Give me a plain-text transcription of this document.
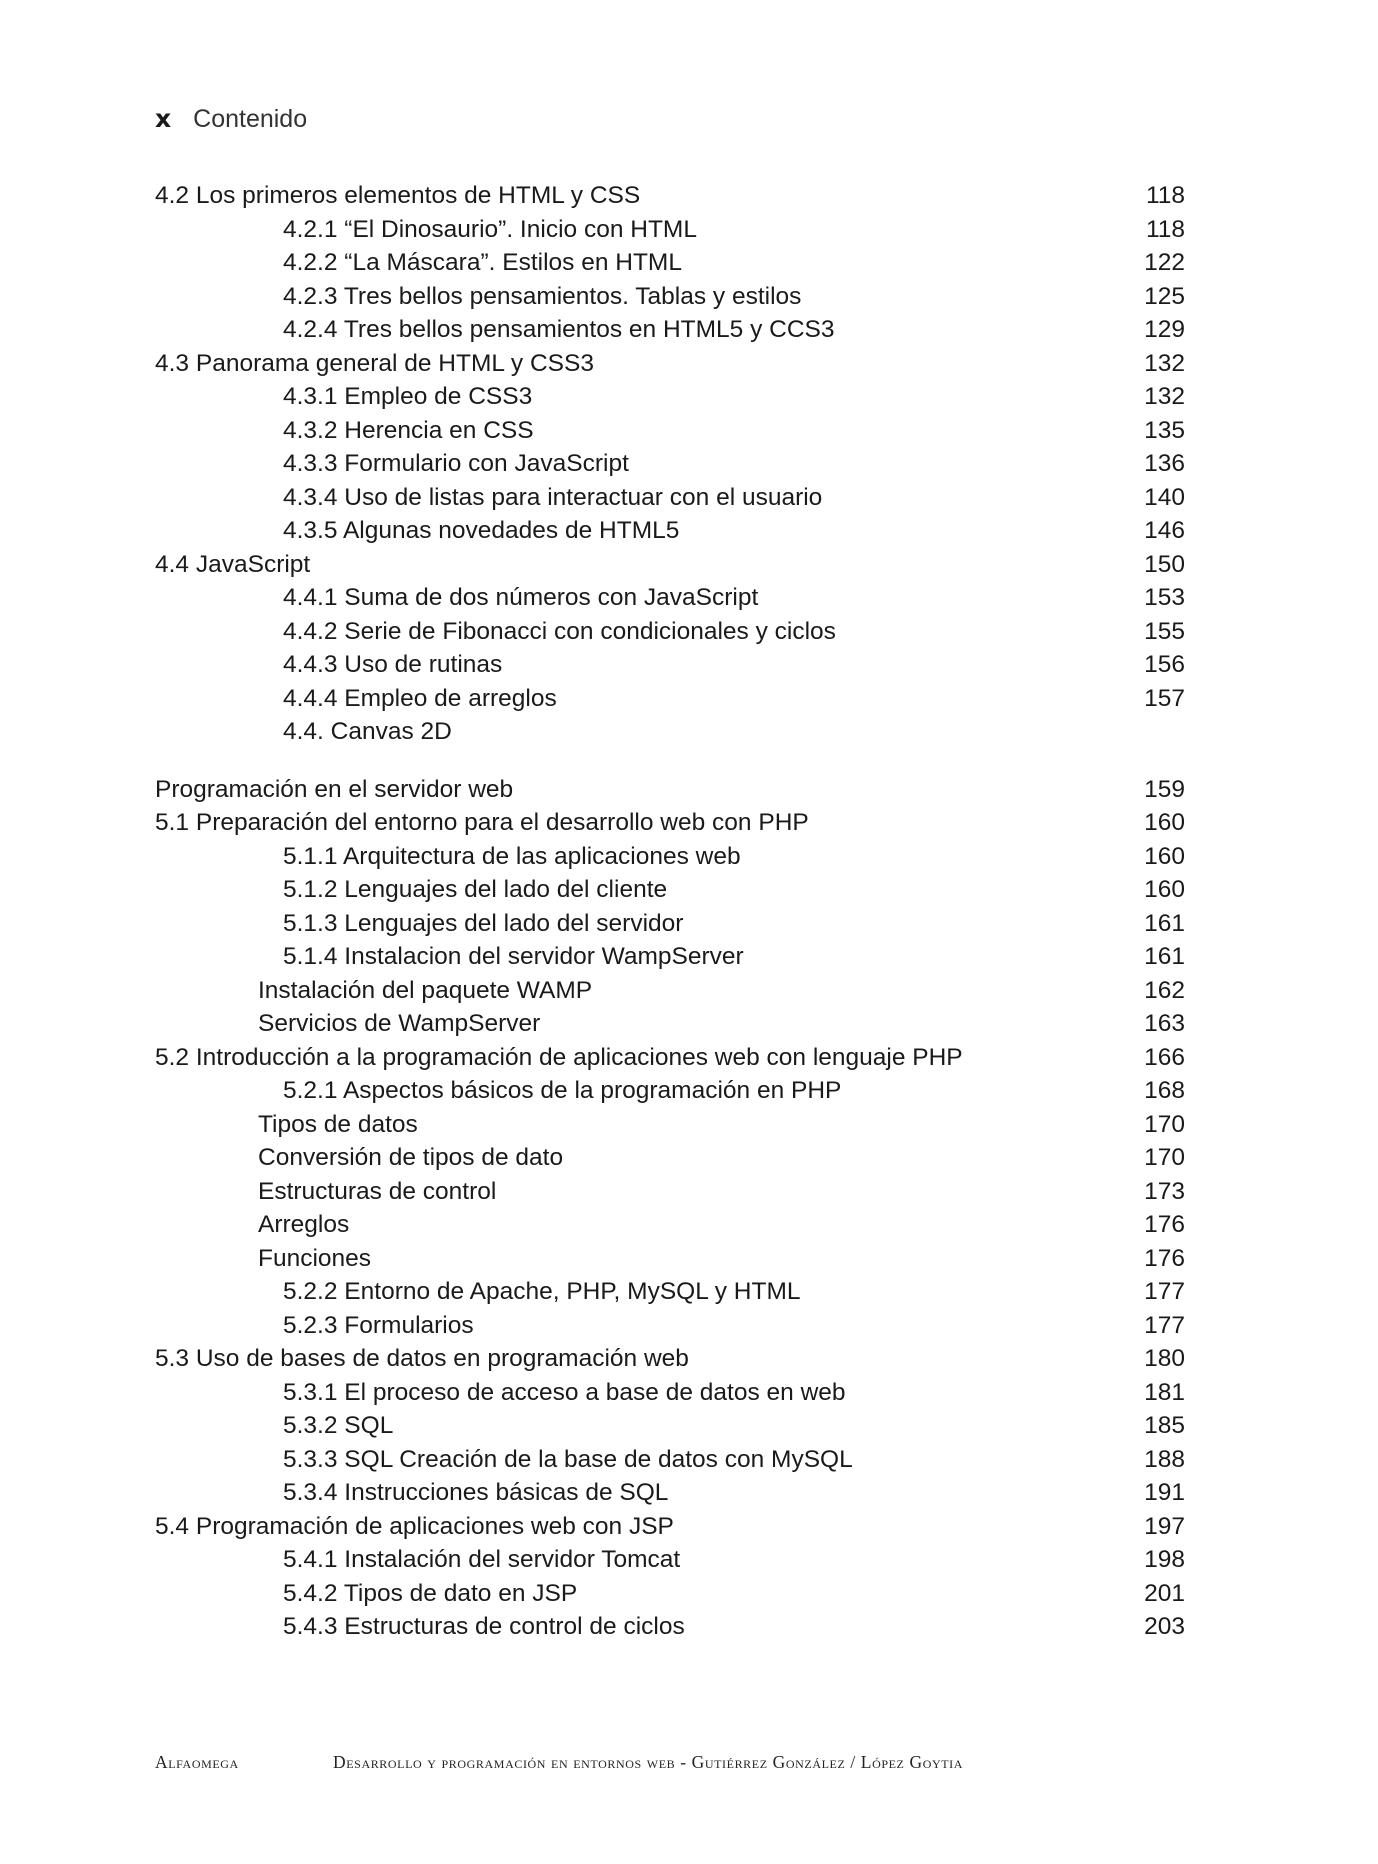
x Contenido
4.2 Los primeros elementos de HTML y CSS	118
4.2.1 “El Dinosaurio”. Inicio con HTML	118
4.2.2 “La Máscara”. Estilos en HTML	122
4.2.3 Tres bellos pensamientos. Tablas y estilos	125
4.2.4 Tres bellos pensamientos en HTML5 y CCS3	129
4.3 Panorama general de HTML y CSS3	132
4.3.1 Empleo de CSS3	132
4.3.2 Herencia en CSS	135
4.3.3 Formulario con JavaScript	136
4.3.4 Uso de listas para interactuar con el usuario	140
4.3.5 Algunas novedades de HTML5	146
4.4 JavaScript	150
4.4.1 Suma de dos números con JavaScript	153
4.4.2 Serie de Fibonacci con condicionales y ciclos	155
4.4.3 Uso de rutinas	156
4.4.4 Empleo de arreglos	157
4.4. Canvas 2D
Programación en el servidor web	159
5.1 Preparación del entorno para el desarrollo web con PHP	160
5.1.1 Arquitectura de las aplicaciones web	160
5.1.2 Lenguajes del lado del cliente	160
5.1.3 Lenguajes del lado del servidor	161
5.1.4 Instalacion del servidor WampServer	161
Instalación del paquete WAMP	162
Servicios de WampServer	163
5.2 Introducción a la programación de aplicaciones web con lenguaje PHP	166
5.2.1 Aspectos básicos de la programación en PHP	168
Tipos de datos	170
Conversión de tipos de dato	170
Estructuras de control	173
Arreglos	176
Funciones	176
5.2.2 Entorno de Apache, PHP, MySQL y HTML	177
5.2.3 Formularios	177
5.3 Uso de bases de datos en programación web	180
5.3.1 El proceso de acceso a base de datos en web	181
5.3.2 SQL	185
5.3.3 SQL Creación de la base de datos con MySQL	188
5.3.4 Instrucciones básicas de SQL	191
5.4 Programación de aplicaciones web con JSP	197
5.4.1 Instalación del servidor Tomcat	198
5.4.2 Tipos de dato en JSP	201
5.4.3 Estructuras de control de ciclos	203
Alfaomega	Desarrollo y programación en entornos web - Gutiérrez González / López Goytia
